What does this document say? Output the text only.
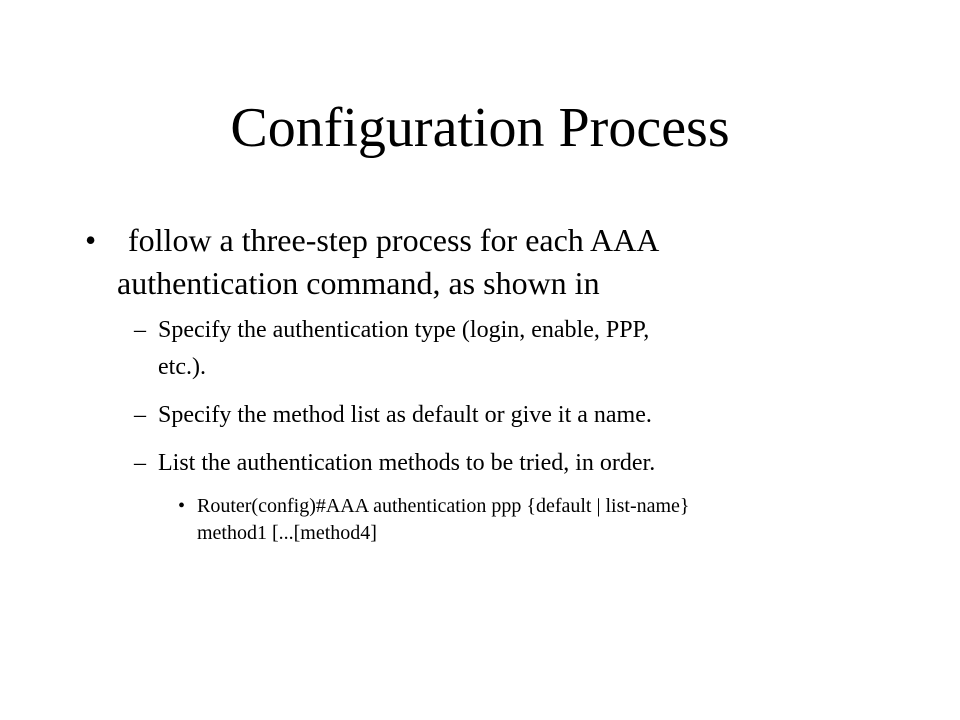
Configuration Process
• follow a three-step process for each AAA
authentication command, as shown in
– Specify the authentication type (login, enable, PPP,
etc.).
– Specify the method list as default or give it a name.
– List the authentication methods to be tried, in order.
• Router(config)#AAA authentication ppp {default | list-name}
method1 [...[method4]
